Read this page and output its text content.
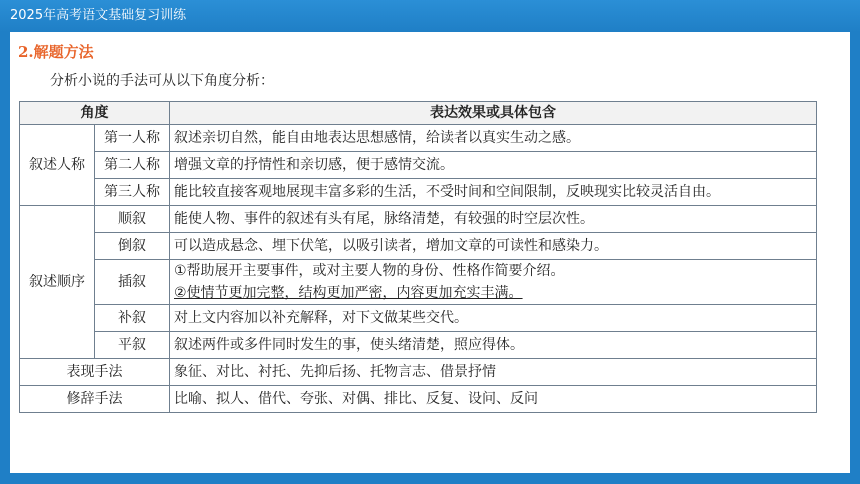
2025年高考语文基础复习训练
2.解题方法
分析小说的手法可从以下角度分析：
角度		表达效果或具体包含
叙述人称	第一人称	叙述亲切自然，能自由地表达思想感情，给读者以真实生动之感。
	第二人称	增强文章的抒情性和亲切感，便于感情交流。
	第三人称	能比较直接客观地展现丰富多彩的生活，不受时间和空间限制，反映现实比较灵活自由。
叙述顺序	顺叙	能使人物、事件的叙述有头有尾，脉络清楚，有较强的时空层次性。
	倒叙	可以造成悬念、埋下伏笔，以吸引读者，增加文章的可读性和感染力。
	插叙	①帮助展开主要事件，或对主要人物的身份、性格作简要介绍。
②使情节更加完整，结构更加严密，内容更加充实丰满。

	补叙	对上文内容加以补充解释，对下文做某些交代。
	平叙	叙述两件或多件同时发生的事，使头绪清楚，照应得体。
表现手法		象征、对比、衬托、先抑后扬、托物言志、借景抒情
修辞手法		比喻、拟人、借代、夸张、对偶、排比、反复、设问、反问
